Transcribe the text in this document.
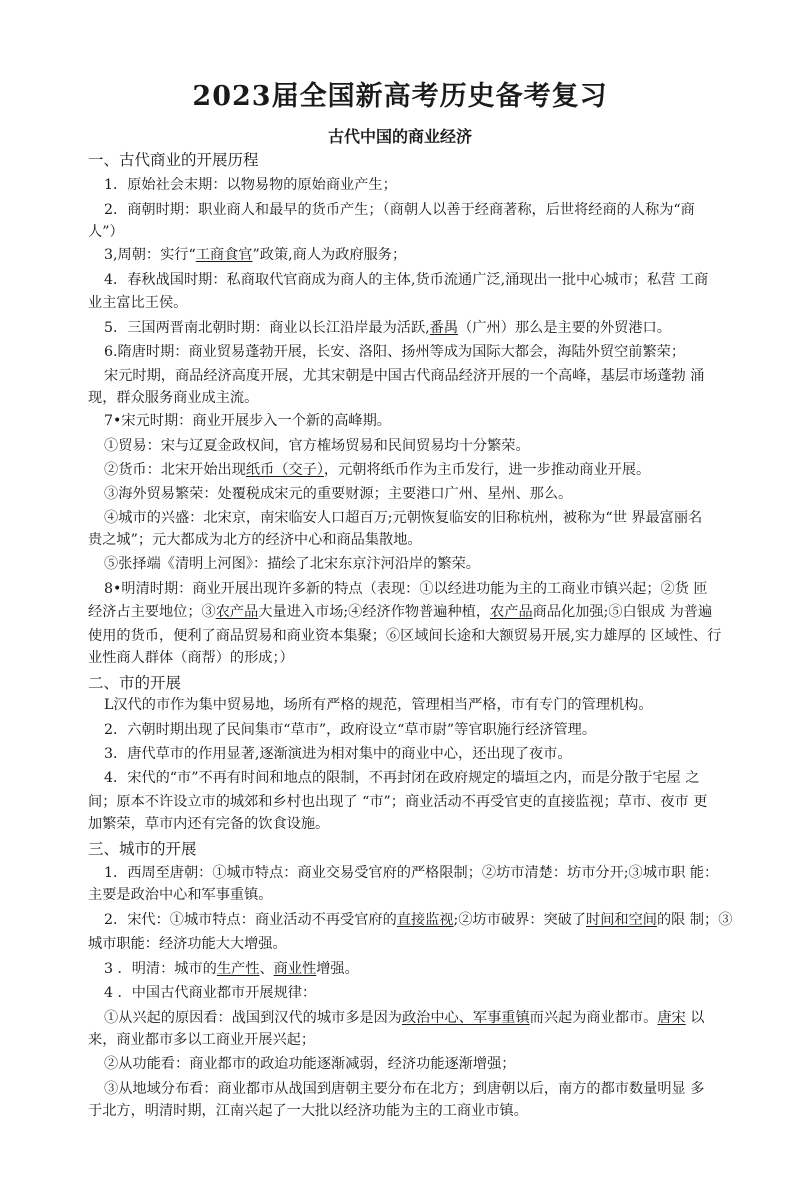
2023届全国新高考历史备考复习
古代中国的商业经济
一、古代商业的开展历程
1．原始社会末期：以物易物的原始商业产生；
2．商朝时期：职业商人和最早的货币产生；（商朝人以善于经商著称，后世将经商的人称为“商
人”）
3,周朝：实行“工商食官”政策,商人为政府服务；
4．春秋战国时期：私商取代官商成为商人的主体,货币流通广泛,涌现出一批中心城市；私营 工商
业主富比王侯。
5．三国两晋南北朝时期：商业以长江沿岸最为活跃,番禺（广州）那么是主要的外贸港口。
6.隋唐时期：商业贸易蓬勃开展，长安、洛阳、扬州等成为国际大都会，海陆外贸空前繁荣；
宋元时期，商品经济高度开展，尤其宋朝是中国古代商品经济开展的一个高峰，基层市场蓬勃 涌
现，群众服务商业成主流。
7•宋元时期：商业开展步入一个新的高峰期。
①贸易：宋与辽夏金政权间，官方榷场贸易和民间贸易均十分繁荣。
②货币：北宋开始出现纸币（交子），元朝将纸币作为主币发行，进一步推动商业开展。
③海外贸易繁荣：处覆税成宋元的重要财源；主要港口广州、星州、那么。
④城市的兴盛：北宋京，南宋临安人口超百万;元朝恢复临安的旧称杭州，被称为“世 界最富丽名
贵之城”；元大都成为北方的经济中心和商品集散地。
⑤张择端《清明上河图》：描绘了北宋东京汴河沿岸的繁荣。
8•明清时期：商业开展出现许多新的特点（表现：①以经进功能为主的工商业市镇兴起；②货 匝
经济占主要地位；③农产品大量进入市场;④经济作物普遍种植，农产品商品化加强;⑤白银成 为普遍
使用的货币，便利了商品贸易和商业资本集聚；⑥区域间长途和大额贸易开展,实力雄厚的 区域性、行
业性商人群体（商帮）的形成；）
二、市的开展
L汉代的市作为集中贸易地，场所有严格的规范，管理相当严格，市有专门的管理机构。
2．六朝时期出现了民间集市“草市”，政府设立“草市尉”等官职施行经济管理。
3．唐代草市的作用显著,逐渐演进为相对集中的商业中心，还出现了夜市。
4．宋代的“市”不再有时间和地点的限制，不再封闭在政府规定的墙垣之内，而是分散于宅屋 之
间；原本不许设立市的城郊和乡村也出现了 “市”；商业活动不再受官吏的直接监视；草市、夜市 更
加繁荣，草市内还有完备的饮食设施。
三、城市的开展
1．西周至唐朝：①城市特点：商业交易受官府的严格限制；②坊市清楚：坊市分开;③城市职 能：
主要是政治中心和军事重镇。
2．宋代：①城市特点：商业活动不再受官府的直接监视;②坊市破界：突破了时间和空间的限 制；③
城市职能：经济功能大大增强。
3 ．明清：城市的生产性、商业性增强。
4 ．中国古代商业都市开展规律：
①从兴起的原因看：战国到汉代的城市多是因为政治中心、军事重镇而兴起为商业都市。唐宋 以
来，商业都市多以工商业开展兴起；
②从功能看：商业都市的政迨功能逐渐减弱，经济功能逐渐增强；
③从地域分布看：商业都市从战国到唐朝主要分布在北方；到唐朝以后，南方的都市数量明显 多
于北方，明清时期，江南兴起了一大批以经济功能为主的工商业市镇。
